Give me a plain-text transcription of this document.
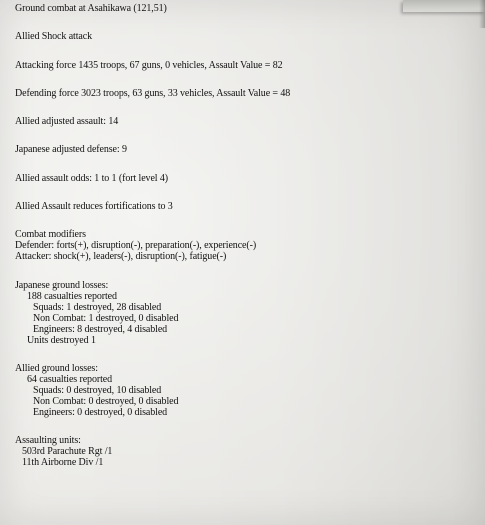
Ground combat at Asahikawa (121,51)
Allied Shock attack
Attacking force 1435 troops, 67 guns, 0 vehicles, Assault Value = 82
Defending force 3023 troops, 63 guns, 33 vehicles, Assault Value = 48
Allied adjusted assault: 14
Japanese adjusted defense: 9
Allied assault odds: 1 to 1 (fort level 4)
Allied Assault reduces fortifications to 3
Combat modifiers
Defender: forts(+), disruption(-), preparation(-), experience(-)
Attacker: shock(+), leaders(-), disruption(-), fatigue(-)
Japanese ground losses:
188 casualties reported
Squads: 1 destroyed, 28 disabled
Non Combat: 1 destroyed, 0 disabled
Engineers: 8 destroyed, 4 disabled
Units destroyed 1
Allied ground losses:
64 casualties reported
Squads: 0 destroyed, 10 disabled
Non Combat: 0 destroyed, 0 disabled
Engineers: 0 destroyed, 0 disabled
Assaulting units:
503rd Parachute Rgt /1
11th Airborne Div /1
